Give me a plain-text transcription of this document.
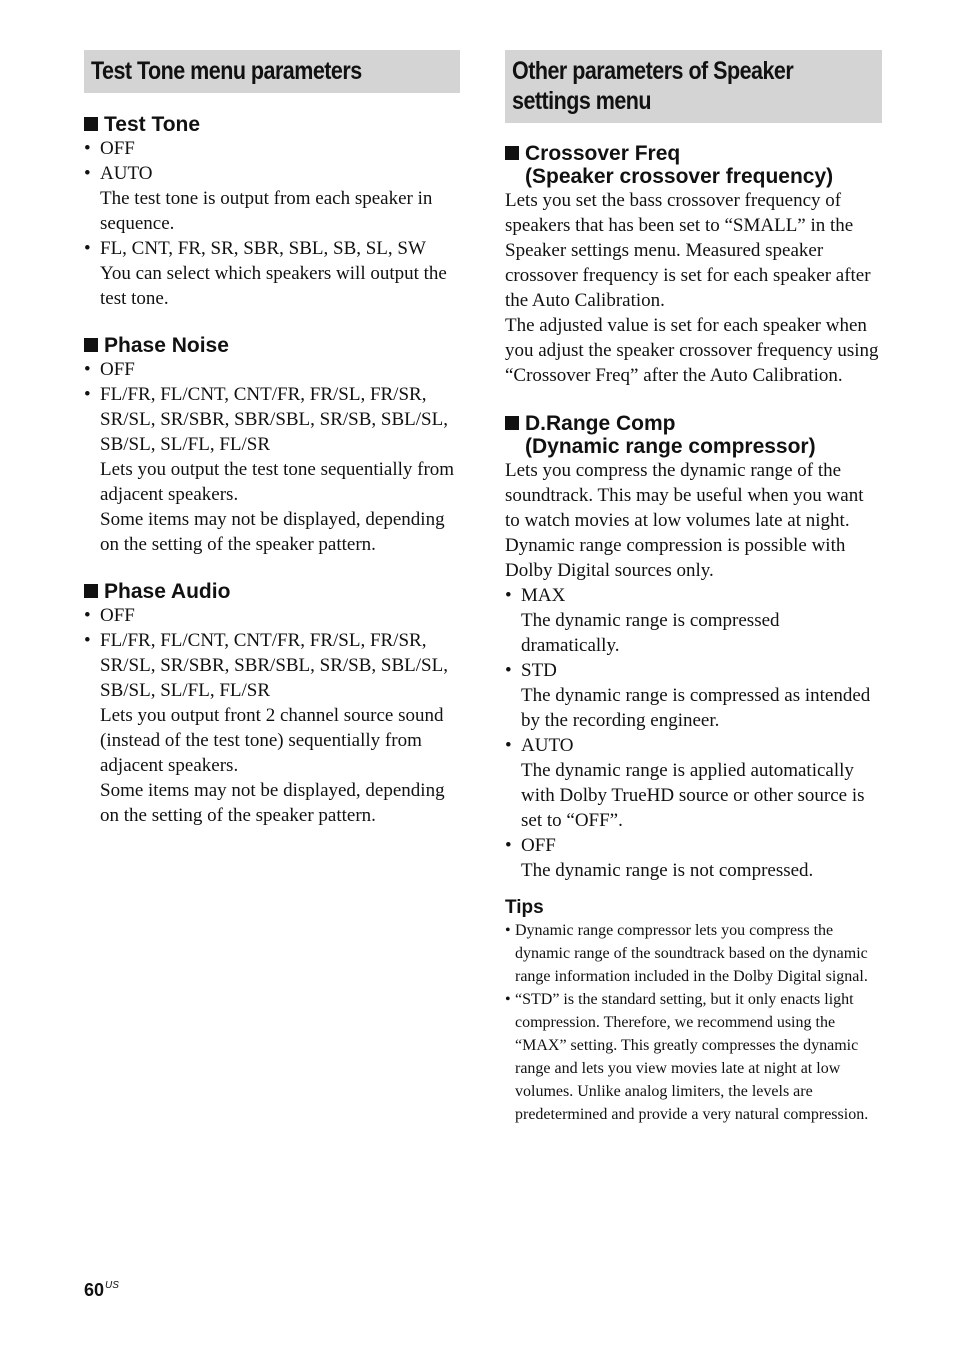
Test Tone menu parameters
Test Tone
• OFF
• AUTO
The test tone is output from each speaker in sequence.
• FL, CNT, FR, SR, SBR, SBL, SB, SL, SW
You can select which speakers will output the test tone.
Phase Noise
• OFF
• FL/FR, FL/CNT, CNT/FR, FR/SL, FR/SR, SR/SL, SR/SBR, SBR/SBL, SR/SB, SBL/SL, SB/SL, SL/FL, FL/SR
Lets you output the test tone sequentially from adjacent speakers.
Some items may not be displayed, depending on the setting of the speaker pattern.
Phase Audio
• OFF
• FL/FR, FL/CNT, CNT/FR, FR/SL, FR/SR, SR/SL, SR/SBR, SBR/SBL, SR/SB, SBL/SL, SB/SL, SL/FL, FL/SR
Lets you output front 2 channel source sound (instead of the test tone) sequentially from adjacent speakers.
Some items may not be displayed, depending on the setting of the speaker pattern.
Other parameters of Speaker
settings menu
Crossover Freq
(Speaker crossover frequency)

Lets you set the bass crossover frequency of speakers that has been set to “SMALL” in the Speaker settings menu. Measured speaker crossover frequency is set for each speaker after the Auto Calibration.

The adjusted value is set for each speaker when you adjust the speaker crossover frequency using “Crossover Freq” after the Auto Calibration.

D.Range Comp
(Dynamic range compressor)

Lets you compress the dynamic range of the soundtrack. This may be useful when you want to watch movies at low volumes late at night. Dynamic range compression is possible with Dolby Digital sources only.

• MAX
The dynamic range is compressed dramatically.
• STD
The dynamic range is compressed as intended by the recording engineer.
• AUTO
The dynamic range is applied automatically with Dolby TrueHD source or other source is set to “OFF”.
• OFF
The dynamic range is not compressed.
Tips
• Dynamic range compressor lets you compress the dynamic range of the soundtrack based on the dynamic range information included in the Dolby Digital signal.
• “STD” is the standard setting, but it only enacts light compression. Therefore, we recommend using the “MAX” setting. This greatly compresses the dynamic range and lets you view movies late at night at low volumes. Unlike analog limiters, the levels are predetermined and provide a very natural compression.
$60^{US}$
